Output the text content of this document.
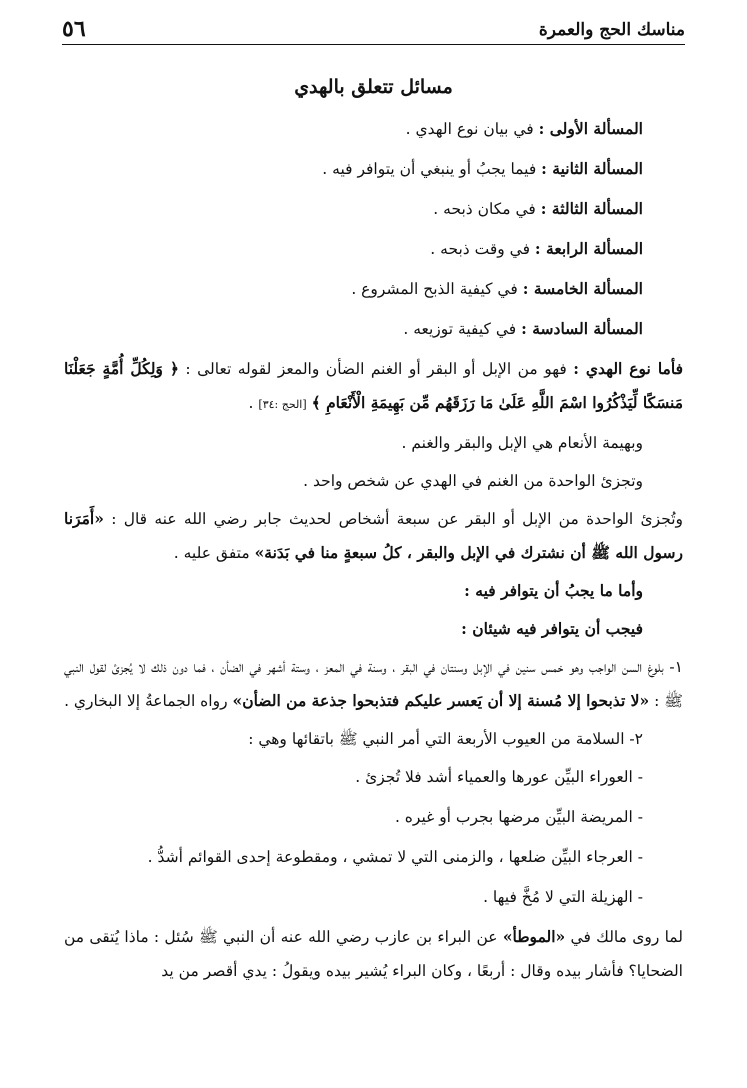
مناسك الحج والعمرة
٥٦
مسائل تتعلق بالهدي
المسألة الأولى : في بيان نوع الهدي .
المسألة الثانية : فيما يجبُ أو ينبغي أن يتوافر فيه .
المسألة الثالثة : في مكان ذبحه .
المسألة الرابعة : في وقت ذبحه .
المسألة الخامسة : في كيفية الذبح المشروع .
المسألة السادسة : في كيفية توزيعه .

فأما نوع الهدي : فهو من الإبل أو البقر أو الغنم الضأن والمعز لقوله تعالى : ﴿ وَلِكُلِّ أُمَّةٍ جَعَلْنَا مَنسَكًا لِّيَذْكُرُوا اسْمَ اللَّهِ عَلَىٰ مَا رَزَقَهُم مِّن بَهِيمَةِ الْأَنْعَامِ ﴾ [الحج :٣٤] .

وبهيمة الأنعام هي الإبل والبقر والغنم .

وتجزئ الواحدة من الغنم في الهدي عن شخص واحد .

وتُجزئ الواحدة من الإبل أو البقر عن سبعة أشخاص لحديث جابر رضي الله عنه قال : «أَمَرَنا رسول الله ﷺ أن نشترك في الإبل والبقر ، كلُ سبعةٍ منا في بَدَنة» متفق عليه .

وأما ما يجبُ أن يتوافر فيه :

فيجب أن يتوافر فيه شيئان :

١- بلوغ السن الواجب وهو خمس سنين في الإبل وسنتان في البقر ، وسنة في المعز ، وستة أشهر في الضأن ، فما دون ذلك لا يُجزئ لقول النبي ﷺ : «لا تذبحوا إلا مُسنة إلا أن يَعسر عليكم فتذبحوا جذعة من الضأن» رواه الجماعةُ إلا البخاري .

٢- السلامة من العيوب الأربعة التي أمر النبي ﷺ باتقائها وهي :

- العوراء البيِّن عورها والعمياء أشد فلا تُجزئ .

- المريضة البيِّن مرضها بجرب أو غيره .

- العرجاء البيِّن ضلعها ، والزمنى التي لا تمشي ، ومقطوعة إحدى القوائم أشدُّ .

- الهزيلة التي لا مُخَّ فيها .

لما روى مالك في «الموطأ» عن البراء بن عازب رضي الله عنه أن النبي ﷺ سُئل : ماذا يُتقى من الضحايا؟ فأشار بيده وقال : أربعًا ، وكان البراء يُشير بيده ويقولُ : يدي أقصر من يد
